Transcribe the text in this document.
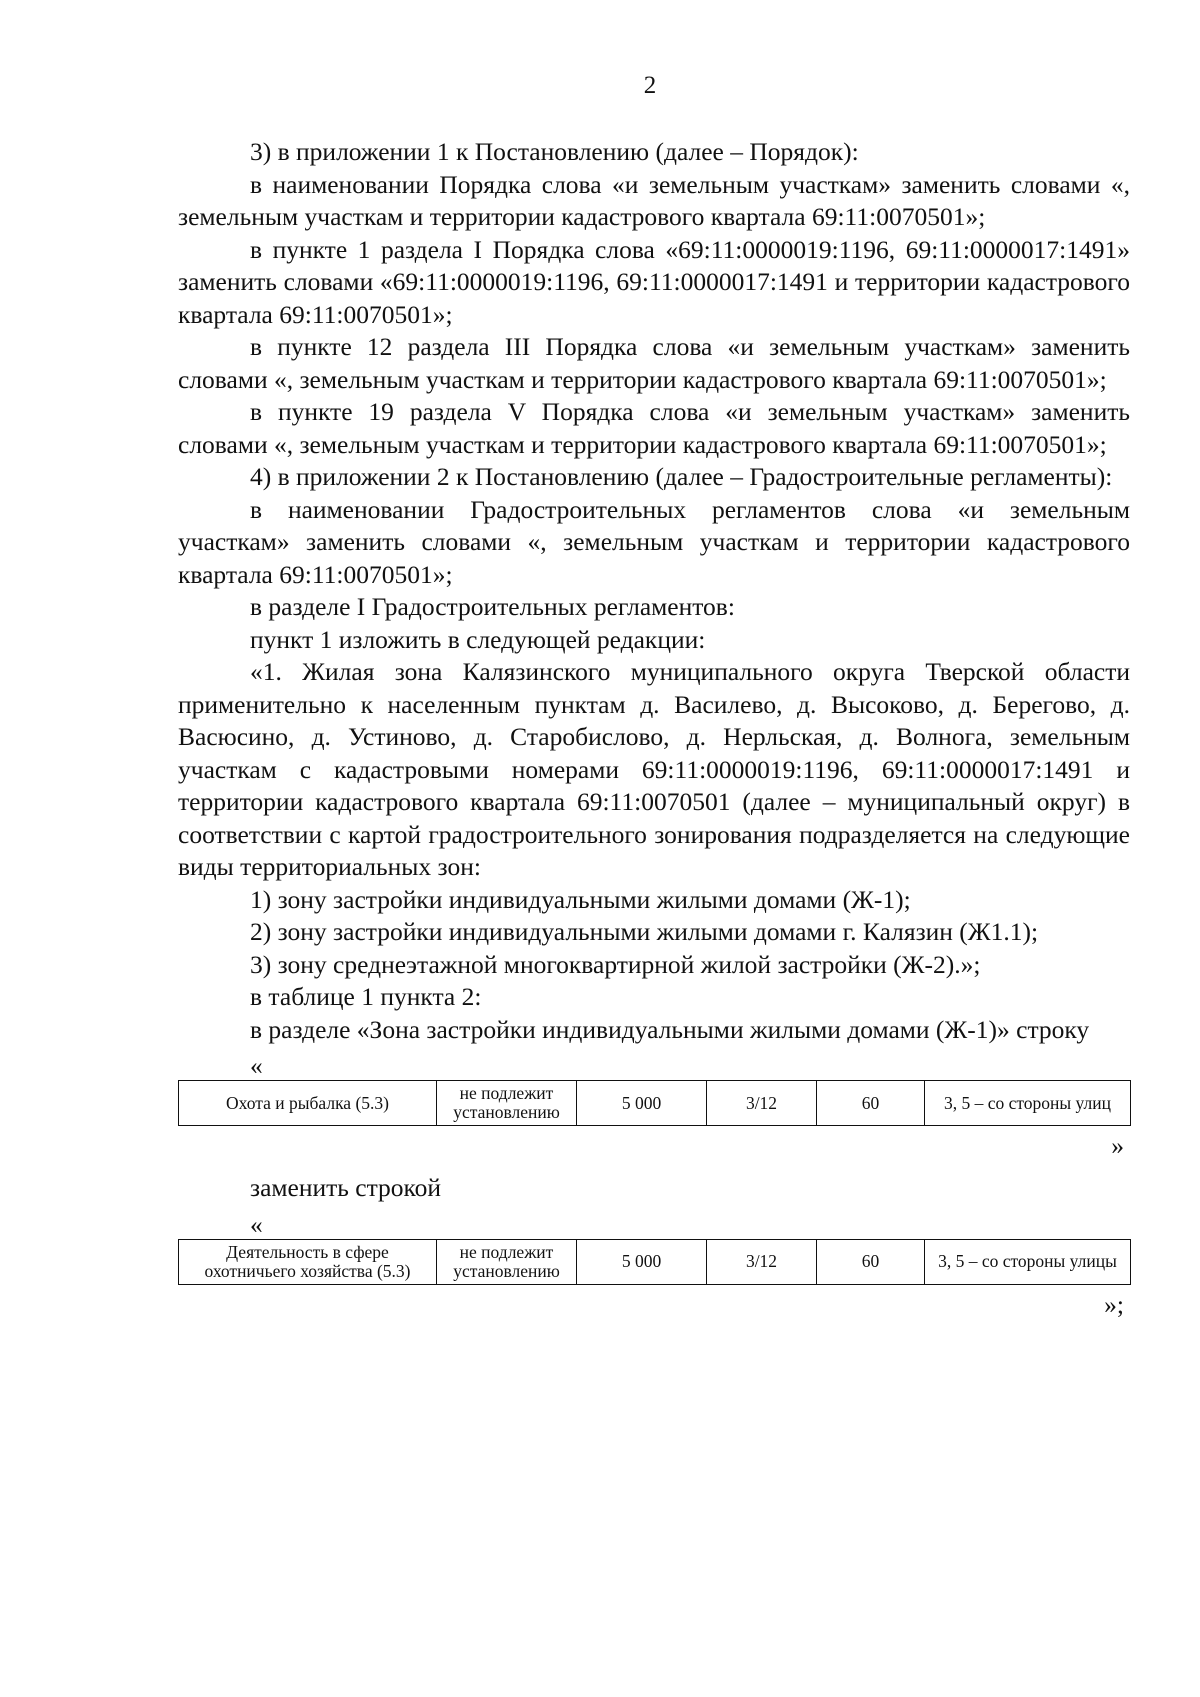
2

3) в приложении 1 к Постановлению (далее – Порядок):

в наименовании Порядка слова «и земельным участкам» заменить словами «, земельным участкам и территории кадастрового квартала 69:11:0070501»;

в пункте 1 раздела I Порядка слова «69:11:0000019:1196, 69:11:0000017:1491» заменить словами «69:11:0000019:1196, 69:11:0000017:1491 и территории кадастрового квартала 69:11:0070501»;

в пункте 12 раздела III Порядка слова «и земельным участкам» заменить словами «, земельным участкам и территории кадастрового квартала 69:11:0070501»;

в пункте 19 раздела V Порядка слова «и земельным участкам» заменить словами «, земельным участкам и территории кадастрового квартала 69:11:0070501»;

4) в приложении 2 к Постановлению (далее – Градостроительные регламенты):

в наименовании Градостроительных регламентов слова «и земельным участкам» заменить словами «, земельным участкам и территории кадастрового квартала 69:11:0070501»;

в разделе I Градостроительных регламентов:

пункт 1 изложить в следующей редакции:

«1. Жилая зона Калязинского муниципального округа Тверской области применительно к населенным пунктам д. Василево, д. Высоково, д. Берегово, д. Васюсино, д. Устиново, д. Старобислово, д. Нерльская, д. Волнога, земельным участкам с кадастровыми номерами 69:11:0000019:1196, 69:11:0000017:1491 и территории кадастрового квартала 69:11:0070501 (далее – муниципальный округ) в соответствии с картой градостроительного зонирования подразделяется на следующие виды территориальных зон:

1) зону застройки индивидуальными жилыми домами (Ж-1);

2) зону застройки индивидуальными жилыми домами г. Калязин (Ж1.1);

3) зону среднеэтажной многоквартирной жилой застройки (Ж-2).»;

в таблице 1 пункта 2:

в разделе «Зона застройки индивидуальными жилыми домами (Ж-1)» строку

«
Охота и рыбалка (5.3)	не подлежит установлению	5 000	3/12	60	3, 5 – со стороны улиц
»

заменить строкой

«
Деятельность в сфере охотничьего хозяйства (5.3)	не подлежит установлению	5 000	3/12	60	3, 5 – со стороны улицы
»;
